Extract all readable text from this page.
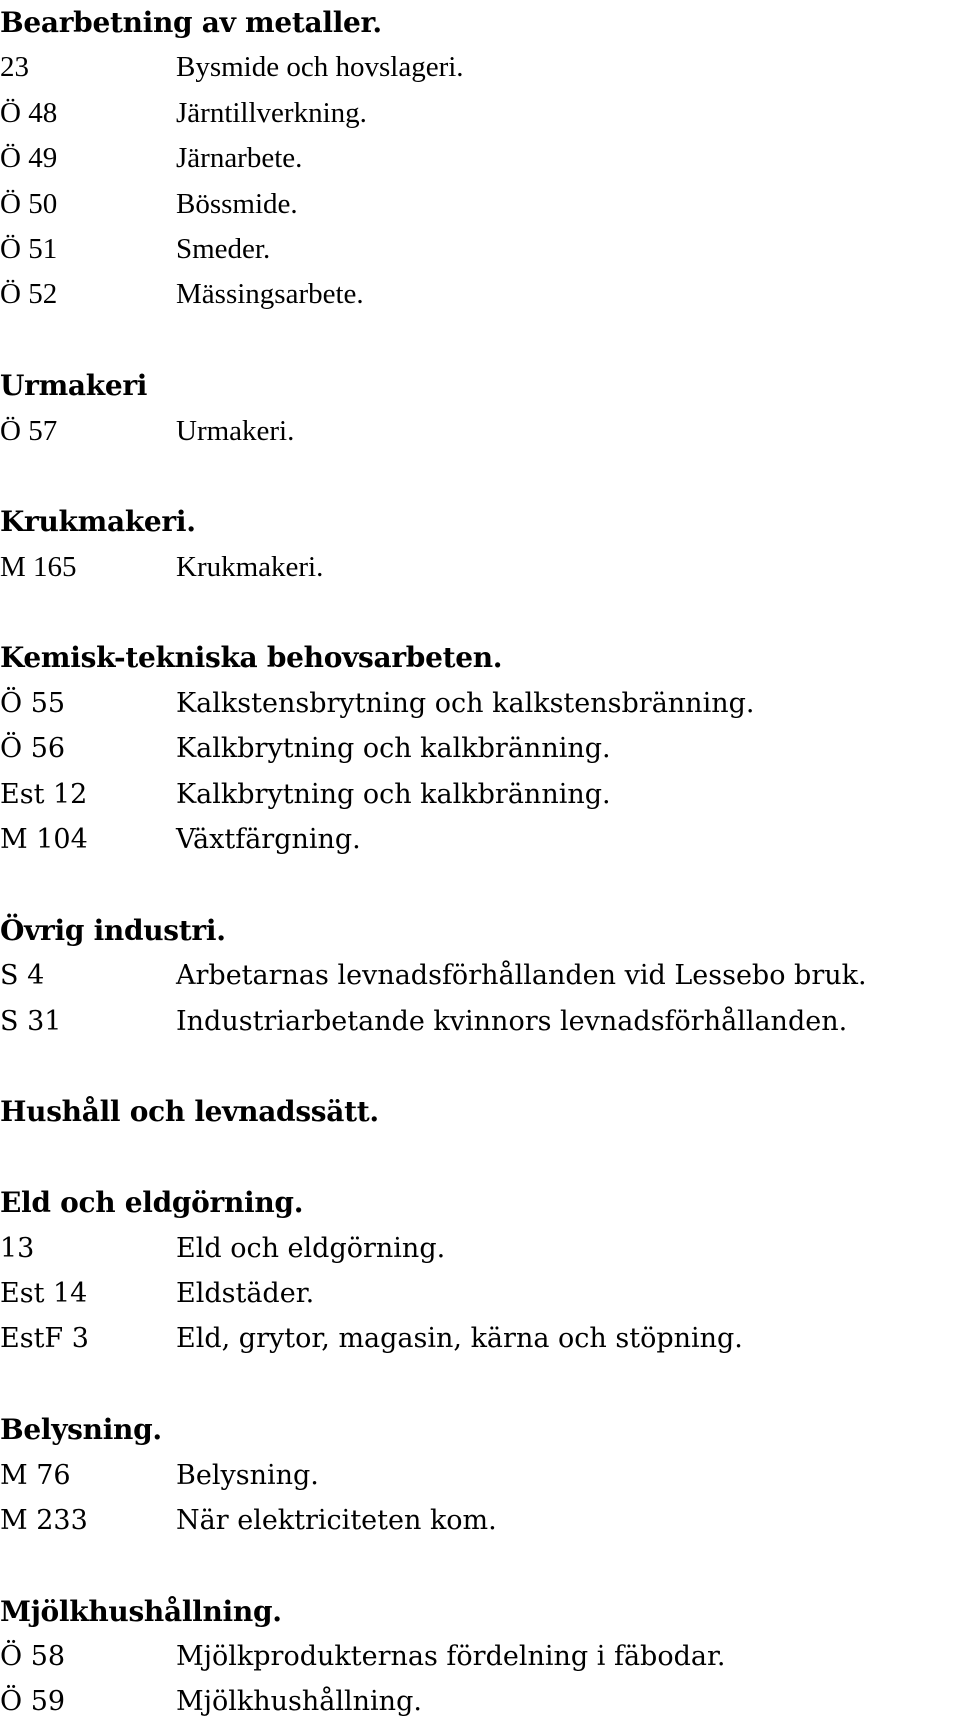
Bearbetning av metaller.
23	Bysmide och hovslageri.
Ö 48	Järntillverkning.
Ö 49	Järnarbete.
Ö 50	Bössmide.
Ö 51	Smeder.
Ö 52	Mässingsarbete.
Urmakeri
Ö 57	Urmakeri.
Krukmakeri.
M 165	Krukmakeri.
Kemisk-tekniska behovsarbeten.
Ö 55	Kalkstensbrytning och kalkstensbränning.
Ö 56	Kalkbrytning och kalkbränning.
Est 12	Kalkbrytning och kalkbränning.
M 104	Växtfärgning.
Övrig industri.
S 4	Arbetarnas levnadsförhållanden vid Lessebo bruk.
S 31	Industriarbetande kvinnors levnadsförhållanden.
Hushåll och levnadssätt.
Eld och eldgörning.
13	Eld och eldgörning.
Est 14	Eldstäder.
EstF 3	Eld, grytor, magasin, kärna och stöpning.
Belysning.
M 76	Belysning.
M 233	När elektriciteten kom.
Mjölkhushållning.
Ö 58	Mjölkprodukternas fördelning i fäbodar.
Ö 59	Mjölkhushållning.
